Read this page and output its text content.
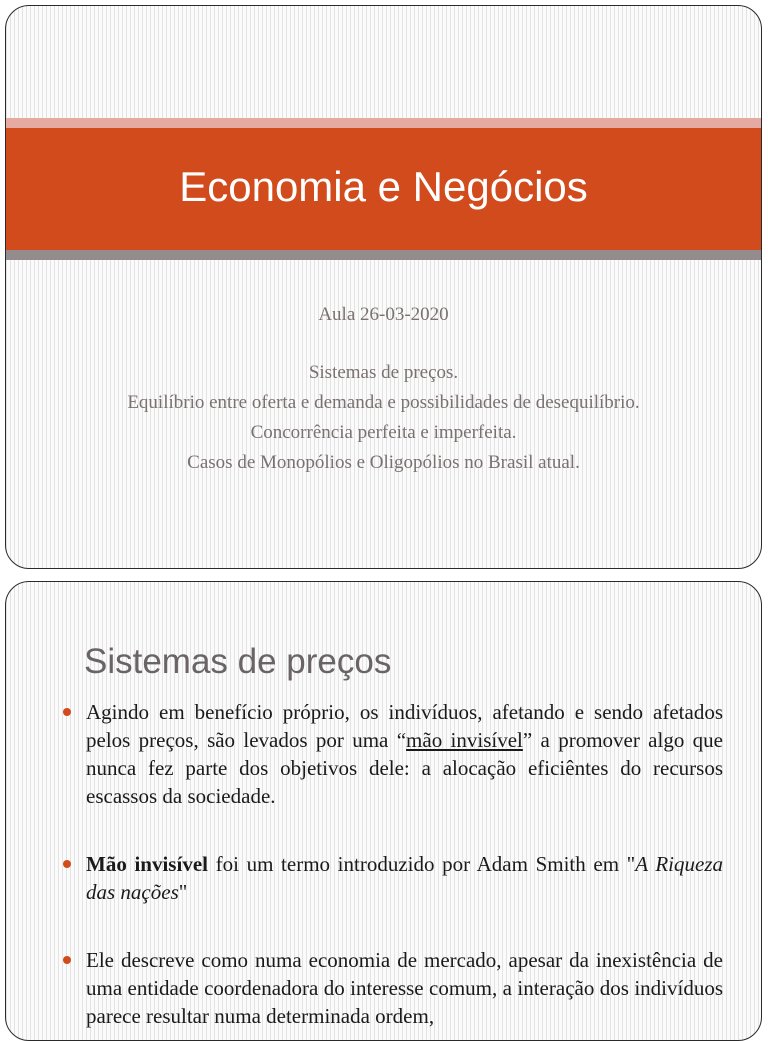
Economia e Negócios
Aula 26-03-2020
Sistemas de preços.
Equilíbrio entre oferta e demanda e possibilidades de desequilíbrio.
Concorrência perfeita e imperfeita.
Casos de Monopólios e Oligopólios no Brasil atual.
Sistemas de preços
Agindo em benefício próprio, os indivíduos, afetando e sendo afetados pelos preços, são levados por uma “mão invisível” a promover algo que nunca fez parte dos objetivos dele: a alocação eficiêntes do recursos escassos da sociedade.
Mão invisível foi um termo introduzido por Adam Smith em "A Riqueza das nações"
Ele descreve como numa economia de mercado, apesar da inexistência de uma entidade coordenadora do interesse comum, a interação dos indivíduos parece resultar numa determinada ordem,
